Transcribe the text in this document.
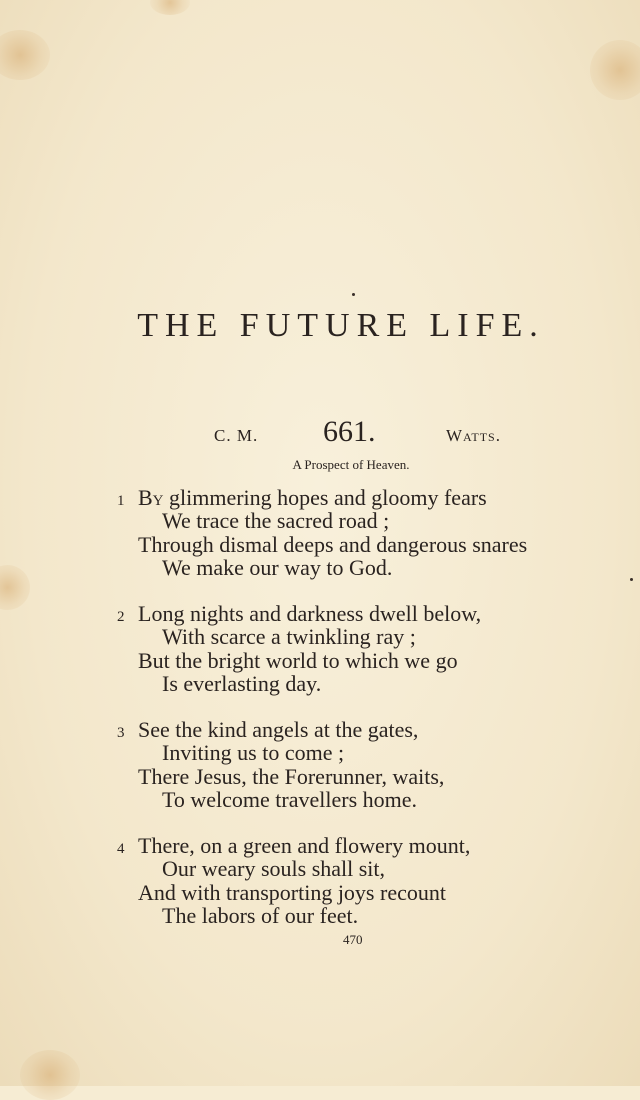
THE FUTURE LIFE.
C. M. 661.	Watts.
A Prospect of Heaven.
1 By glimmering hopes and gloomy fears
We trace the sacred road ;
Through dismal deeps and dangerous snares
We make our way to God.
2 Long nights and darkness dwell below,
With scarce a twinkling ray ;
But the bright world to which we go
Is everlasting day.
3 See the kind angels at the gates,
Inviting us to come ;
There Jesus, the Forerunner, waits,
To welcome travellers home.
4 There, on a green and flowery mount,
Our weary souls shall sit,
And with transporting joys recount
The labors of our feet.
470
